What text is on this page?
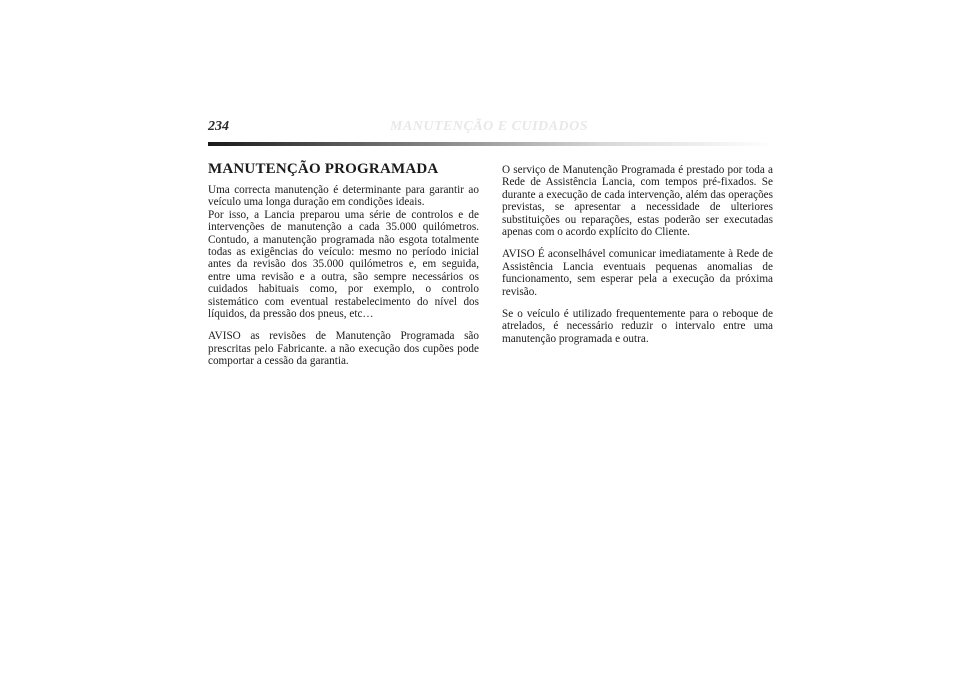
234	MANUTENÇÃO E CUIDADOS
MANUTENÇÃO PROGRAMADA

Uma correcta manutenção é determinante para garantir ao veículo uma longa duração em condições ideais.

Por isso, a Lancia preparou uma série de controlos e de intervenções de manutenção a cada 35.000 quilómetros. Contudo, a manutenção programada não esgota totalmente todas as exigências do veículo: mesmo no período inicial antes da revisão dos 35.000 quilómetros e, em seguida, entre uma revisão e a outra, são sempre necessários os cuidados habituais como, por exemplo, o controlo sistemático com eventual restabelecimento do nível dos líquidos, da pressão dos pneus, etc…

AVISO as revisões de Manutenção Programada são prescritas pelo Fabricante. a não execução dos cupões pode comportar a cessão da garantia.

O serviço de Manutenção Programada é prestado por toda a Rede de Assistência Lancia, com tempos pré-fixados. Se durante a execução de cada intervenção, além das operações previstas, se apresentar a necessidade de ulteriores substituições ou reparações, estas poderão ser executadas apenas com o acordo explícito do Cliente.

AVISO É aconselhável comunicar imediatamente à Rede de Assistência Lancia eventuais pequenas anomalias de funcionamento, sem esperar pela a execução da próxima revisão.

Se o veículo é utilizado frequentemente para o reboque de atrelados, é necessário reduzir o intervalo entre uma manutenção programada e outra.
